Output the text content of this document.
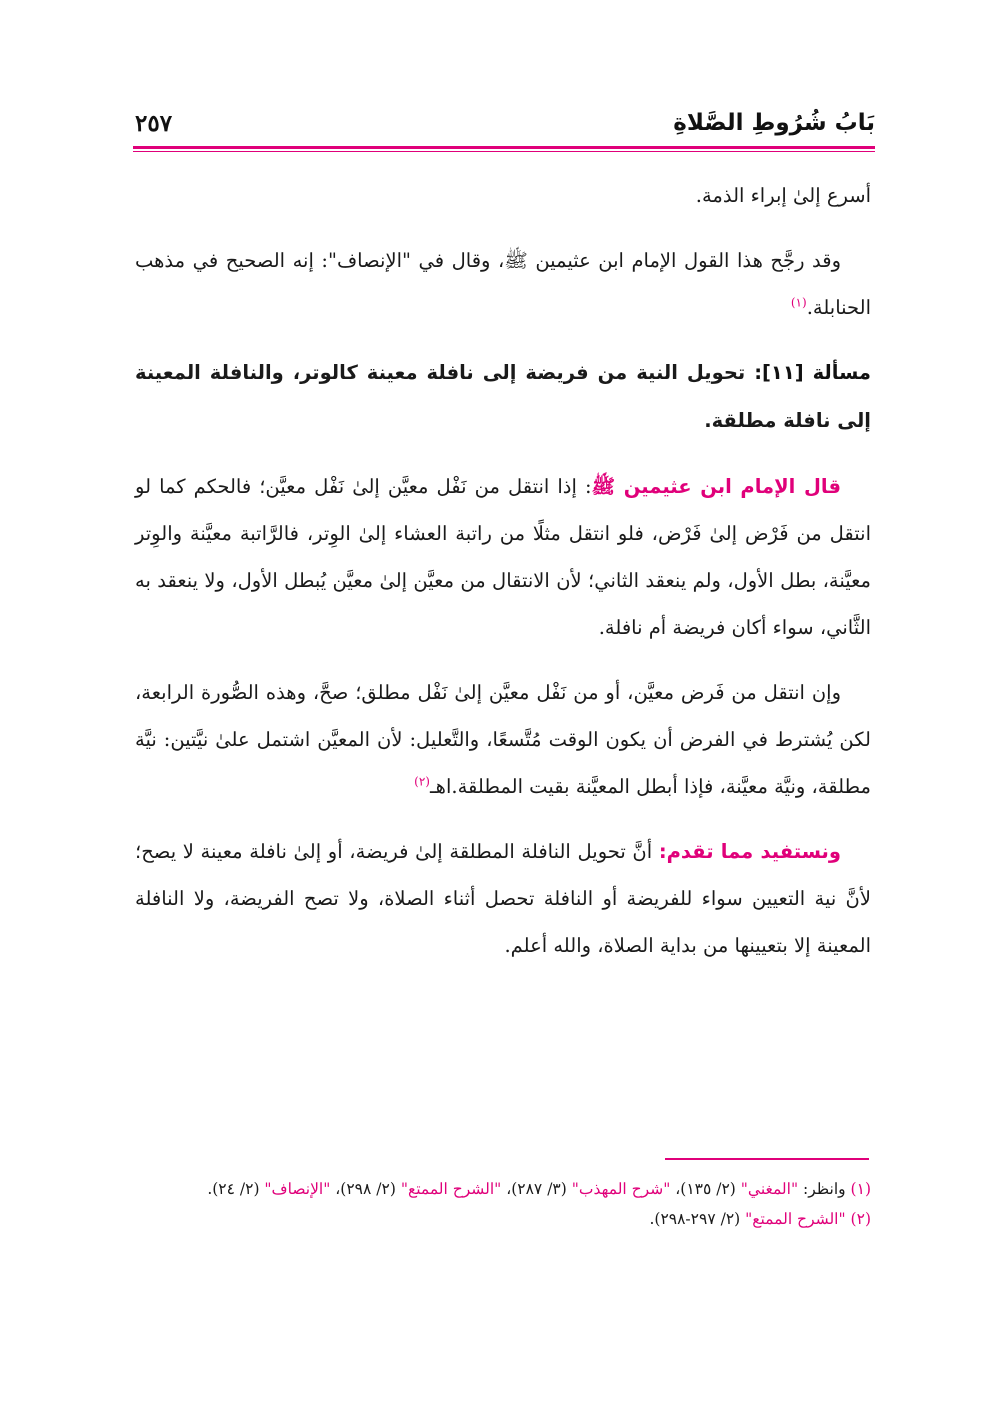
بَابُ شُرُوطِ الصَّلاةِ
٢٥٧

أسرع إلىٰ إبراء الذمة.

وقد رجَّح هذا القول الإمام ابن عثيمين ﷺ، وقال في "الإنصاف": إنه الصحيح في مذهب الحنابلة.$^{(١)}$

مسألة [١١]: تحويل النية من فريضة إلى نافلة معينة كالوتر، والنافلة المعينة إلى نافلة مطلقة.

قال الإمام ابن عثيمين ﷺ: إذا انتقل من نَفْل معيَّن إلىٰ نَفْل معيَّن؛ فالحكم كما لو انتقل من فَرْض إلىٰ فَرْض، فلو انتقل مثلًا من راتبة العشاء إلىٰ الوِتر، فالرَّاتبة معيَّنة والوِتر معيَّنة، بطل الأول، ولم ينعقد الثاني؛ لأن الانتقال من معيَّن إلىٰ معيَّن يُبطل الأول، ولا ينعقد به الثَّاني، سواء أكان فريضة أم نافلة.

وإن انتقل من فَرض معيَّن، أو من نَفْل معيَّن إلىٰ نَفْل مطلق؛ صحَّ، وهذه الصُّورة الرابعة، لكن يُشترط في الفرض أن يكون الوقت مُتَّسعًا، والتَّعليل: لأن المعيَّن اشتمل علىٰ نيَّتين: نيَّة مطلقة، ونيَّة معيَّنة، فإذا أبطل المعيَّنة بقيت المطلقة.اهـ$^{(٢)}$

ونستفيد مما تقدم: أنَّ تحويل النافلة المطلقة إلىٰ فريضة، أو إلىٰ نافلة معينة لا يصح؛ لأنَّ نية التعيين سواء للفريضة أو النافلة تحصل أثناء الصلاة، ولا تصح الفريضة، ولا النافلة المعينة إلا بتعيينها من بداية الصلاة، والله أعلم.

(١) وانظر: "المغني" (٢/ ١٣٥)، "شرح المهذب" (٣/ ٢٨٧)، "الشرح الممتع" (٢/ ٢٩٨)، "الإنصاف" (٢/ ٢٤).

(٢) "الشرح الممتع" (٢/ ٢٩٧-٢٩٨).
